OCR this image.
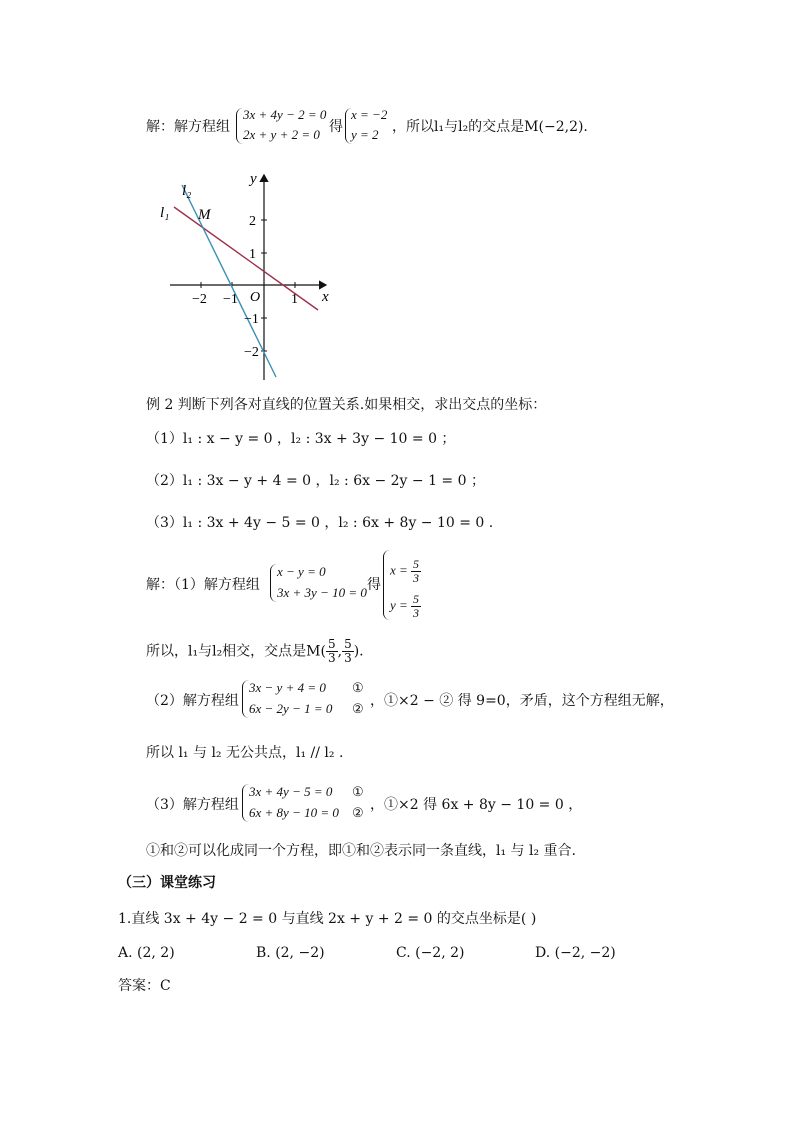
解：解方程组
3x + 4y − 2 = 0
2x + y + 2 = 0 得
x = −2
y = 2 ，所以l₁与l₂的交点是M(−2,2).
l₁
l₂
M
x
y
O
−2 −1	1
2
1
−1
−2
例 2 判断下列各对直线的位置关系.如果相交，求出交点的坐标：
（1）l₁ : x − y = 0 ，l₂ : 3x + 3y − 10 = 0 ；
（2）l₁ : 3x − y + 4 = 0 ，l₂ : 6x − 2y − 1 = 0 ；
（3）l₁ : 3x + 4y − 5 = 0 ，l₂ : 6x + 8y − 10 = 0 .
解：（1）解方程组
x − y = 0
3x + 3y − 10 = 0 得
$x = \frac{5}{3}$
$y = \frac{5}{3}$
所以，l₁与l₂相交，交点是$M( \frac{5}{3}$ , $\frac{5}{3}$ ).
（2）解方程组
3x − y + 4 = 0
6x − 2y − 1 = 0
①
② ，①×2 − ② 得 9=0，矛盾，这个方程组无解，
所以 l₁ 与 l₂ 无公共点，l₁ // l₂ .
（3）解方程组
3x + 4y − 5 = 0
6x + 8y − 10 = 0
①
② ，①×2 得 6x + 8y − 10 = 0 ，
①和②可以化成同一个方程，即①和②表示同一条直线，l₁ 与 l₂ 重合.
（三）课堂练习
1.直线 3x + 4y − 2 = 0 与直线 2x + y + 2 = 0 的交点坐标是( )
A. (2, 2)	B. (2, −2)	C. (−2, 2)	D. (−2, −2)
答案：C
